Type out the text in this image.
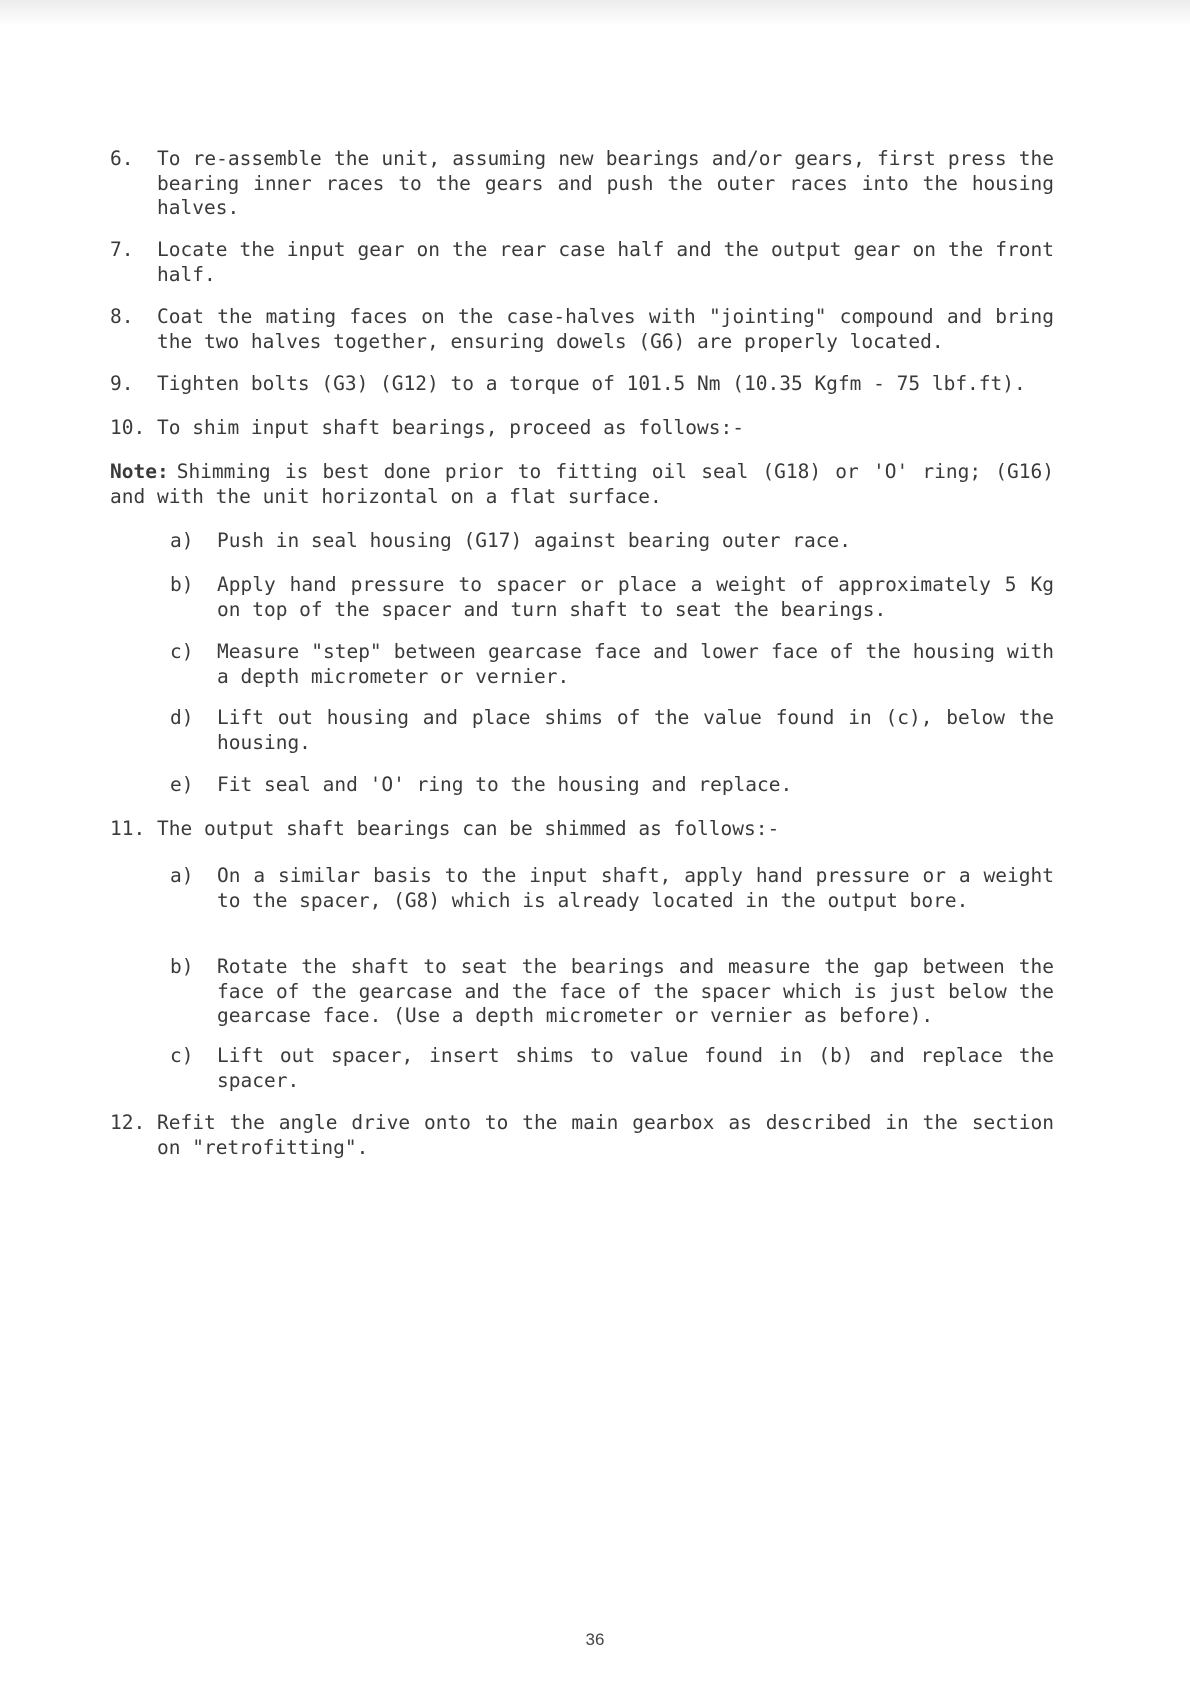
6. To re-assemble the unit, assuming new bearings and/or gears, first press the bearing inner races to the gears and push the outer races into the housing halves.
7. Locate the input gear on the rear case half and the output gear on the front half.
8. Coat the mating faces on the case-halves with "jointing" compound and bring the two halves together, ensuring dowels (G6) are properly located.
9. Tighten bolts (G3) (G12) to a torque of 101.5 Nm (10.35 Kgfm - 75 lbf.ft).
10. To shim input shaft bearings, proceed as follows:-
Note: Shimming is best done prior to fitting oil seal (G18) or 'O' ring; (G16) and with the unit horizontal on a flat surface.
a) Push in seal housing (G17) against bearing outer race.
b) Apply hand pressure to spacer or place a weight of approximately 5 Kg on top of the spacer and turn shaft to seat the bearings.
c) Measure "step" between gearcase face and lower face of the housing with a depth micrometer or vernier.
d) Lift out housing and place shims of the value found in (c), below the housing.
e) Fit seal and 'O' ring to the housing and replace.
11. The output shaft bearings can be shimmed as follows:-
a) On a similar basis to the input shaft, apply hand pressure or a weight to the spacer, (G8) which is already located in the output bore.
b) Rotate the shaft to seat the bearings and measure the gap between the face of the gearcase and the face of the spacer which is just below the gearcase face. (Use a depth micrometer or vernier as before).
c) Lift out spacer, insert shims to value found in (b) and replace the spacer.
12. Refit the angle drive onto to the main gearbox as described in the section on "retrofitting".
36
